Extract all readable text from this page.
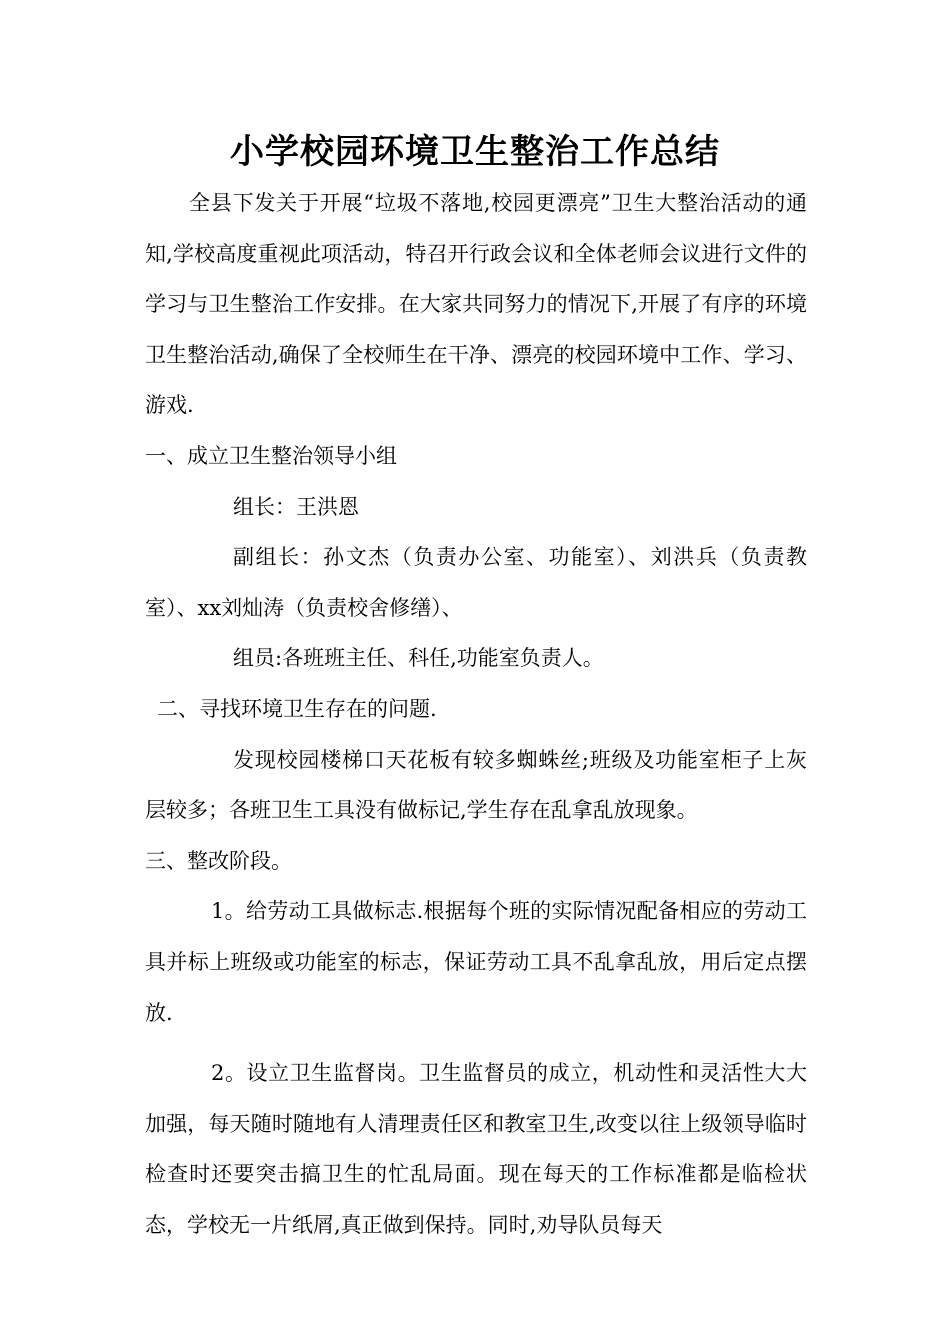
小学校园环境卫生整治工作总结

全县下发关于开展“垃圾不落地,校园更漂亮”卫生大整治活动的通知,学校高度重视此项活动，特召开行政会议和全体老师会议进行文件的学习与卫生整治工作安排。在大家共同努力的情况下,开展了有序的环境卫生整治活动,确保了全校师生在干净、漂亮的校园环境中工作、学习、游戏.

一、成立卫生整治领导小组

组长：王洪恩

副组长：孙文杰（负责办公室、功能室）、刘洪兵（负责教室）、xx刘灿涛（负责校舍修缮）、

组员:各班班主任、科任,功能室负责人。

二、寻找环境卫生存在的问题.

发现校园楼梯口天花板有较多蜘蛛丝;班级及功能室柜子上灰层较多；各班卫生工具没有做标记,学生存在乱拿乱放现象。

三、整改阶段。

1。给劳动工具做标志.根据每个班的实际情况配备相应的劳动工具并标上班级或功能室的标志，保证劳动工具不乱拿乱放，用后定点摆放.

2。设立卫生监督岗。卫生监督员的成立，机动性和灵活性大大加强，每天随时随地有人清理责任区和教室卫生,改变以往上级领导临时检查时还要突击搞卫生的忙乱局面。现在每天的工作标准都是临检状态，学校无一片纸屑,真正做到保持。同时,劝导队员每天
